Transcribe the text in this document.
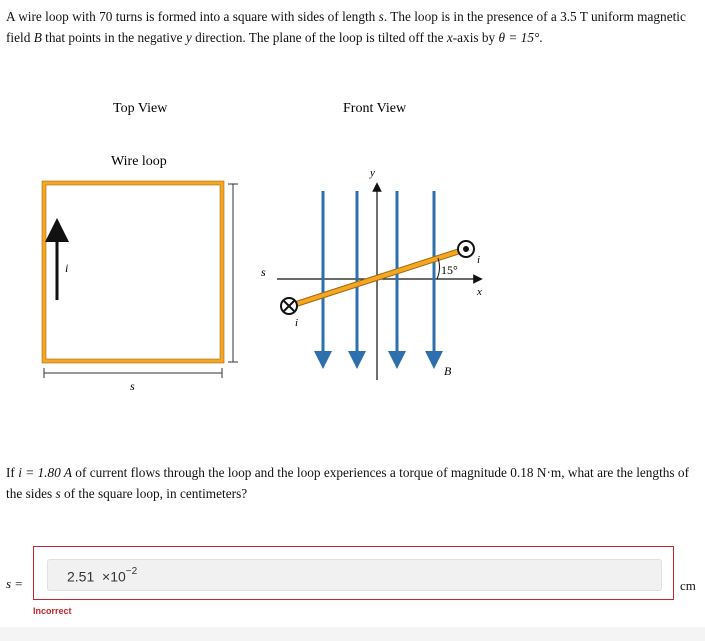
A wire loop with 70 turns is formed into a square with sides of length s. The loop is in the presence of a 3.5 T uniform magnetic field B that points in the negative y direction. The plane of the loop is tilted off the x-axis by θ = 15°.
Top View
Wire loop
Front View
i	s
s
y
x
B
15°
i
i
If i = 1.80 A of current flows through the loop and the loop experiences a torque of magnitude 0.18 N·m, what are the lengths of the sides s of the square loop, in centimeters?
s =	$2.51 \times 10^{-2}$
cm
Incorrect
